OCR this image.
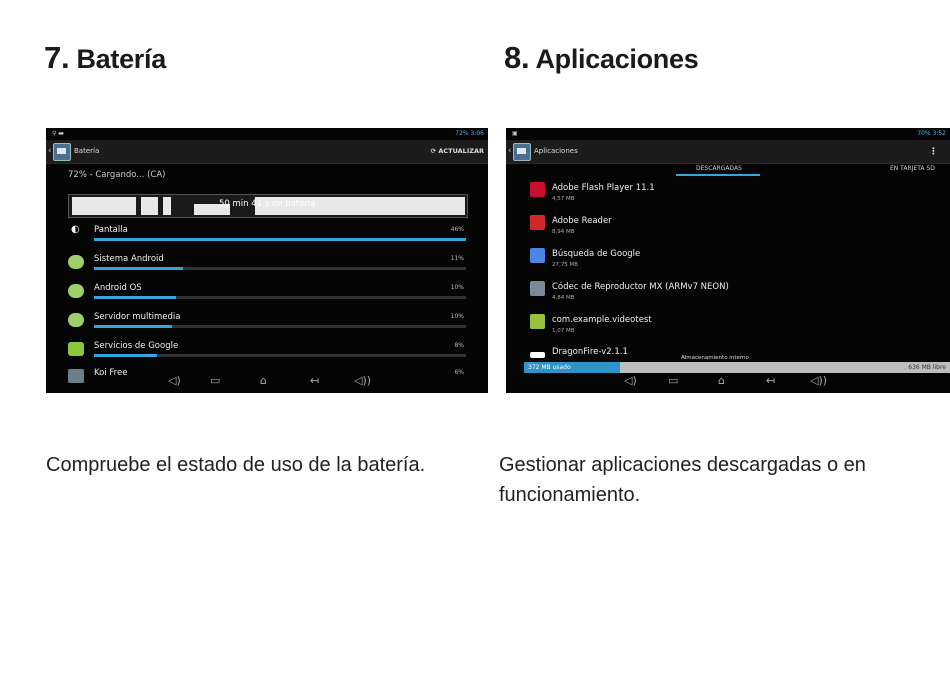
7. Batería
⚲ ▬	72% 3:06
‹	Batería	⟳ ACTUALIZAR
72% - Cargando... (CA)
50 min 41 s de batería
◐	Pantalla	46%
Sistema Android	11%
Android OS	10%
Servidor multimedia	10%
Servicios de Google	8%
Koi Free	6%
◁)	▭	⌂	↤	◁))
Compruebe el estado de uso de la batería.
8. Aplicaciones
▣	70% 3:52
‹	Aplicaciones	⋮
DESCARGADAS	EN TARJETA SD
Adobe Flash Player 11.1
4,57 MB
Adobe Reader
8,94 MB
Búsqueda de Google
27,75 MB
Códec de Reproductor MX (ARMv7 NEON)
4,84 MB
com.example.videotest
1,07 MB
DragonFire-v2.1.1
Almacenamiento interno
372 MB usado	636 MB libre
◁)	▭	⌂	↤	◁))
Gestionar aplicaciones descargadas o en funcionamiento.
